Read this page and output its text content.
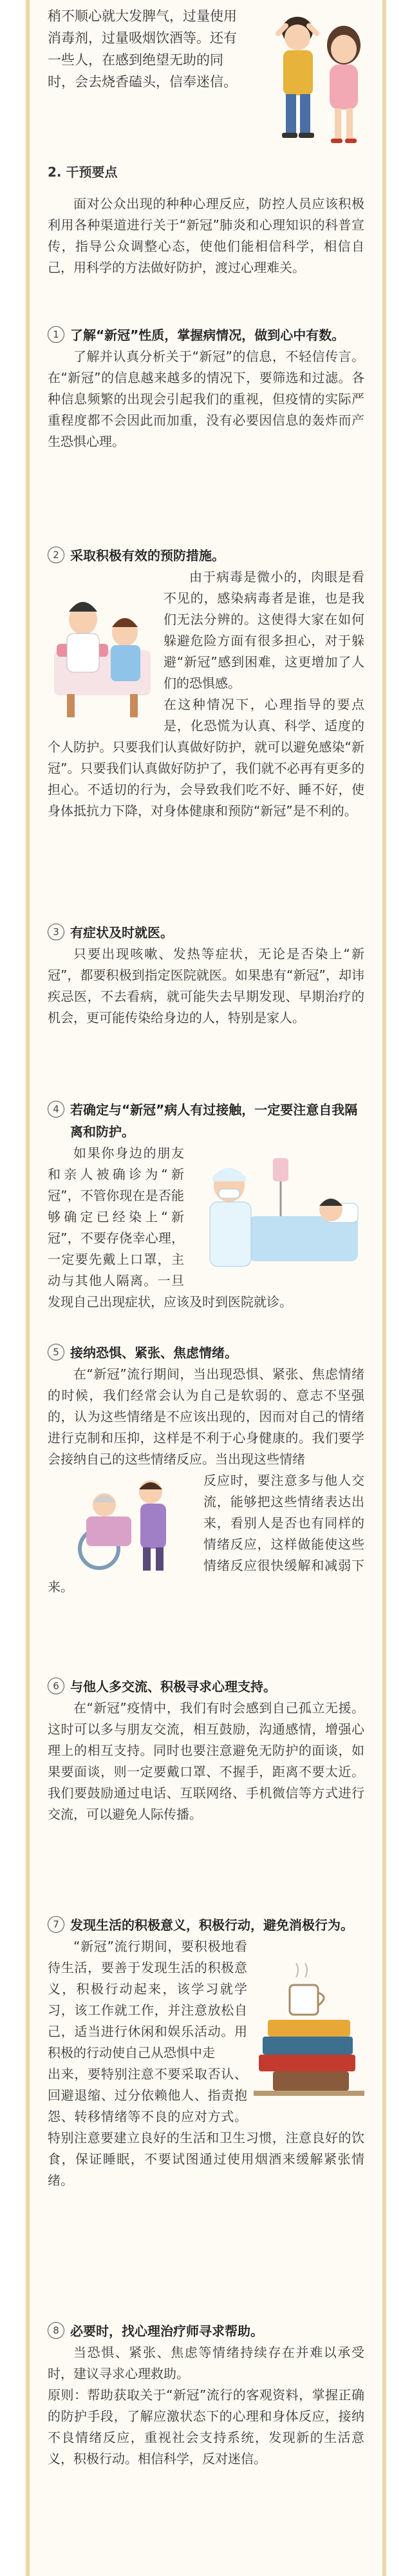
稍不顺心就大发脾气，过量使用消毒剂，过量吸烟饮酒等。还有一些人，在感到绝望无助的同时，会去烧香磕头，信奉迷信。

2. 干预要点

面对公众出现的种种心理反应，防控人员应该积极利用各种渠道进行关于“新冠”肺炎和心理知识的科普宣传，指导公众调整心态，使他们能相信科学，相信自己，用科学的方法做好防护，渡过心理难关。

1 了解“新冠”性质，掌握病情况，做到心中有数。

了解并认真分析关于“新冠”的信息，不轻信传言。在“新冠”的信息越来越多的情况下，要筛选和过滤。各种信息频繁的出现会引起我们的重视，但疫情的实际严重程度都不会因此而加重，没有必要因信息的轰炸而产生恐惧心理。

2 采取积极有效的预防措施。

由于病毒是微小的，肉眼是看不见的，感染病毒者是谁，也是我们无法分辨的。这使得大家在如何躲避危险方面有很多担心，对于躲避“新冠”感到困难，这更增加了人们的恐惧感。

在这种情况下，心理指导的要点是，化恐慌为认真、科学、适度的个人防护。只要我们认真做好防护，就可以避免感染“新冠”。只要我们认真做好防护了，我们就不必再有更多的担心。不适切的行为，会导致我们吃不好、睡不好，使身体抵抗力下降，对身体健康和预防“新冠”是不利的。

3 有症状及时就医。

只要出现咳嗽、发热等症状，无论是否染上“新冠”，都要积极到指定医院就医。如果患有“新冠”，却讳疾忌医，不去看病，就可能失去早期发现、早期治疗的机会，更可能传染给身边的人，特别是家人。

4 若确定与“新冠”病人有过接触，一定要注意自我隔离和防护。

如果你身边的朋友和亲人被确诊为“新冠”，不管你现在是否能够确定已经染上“新冠”，不要存侥幸心理，一定要先戴上口罩，主动与其他人隔离。一旦发现自己出现症状，应该及时到医院就诊。

5 接纳恐惧、紧张、焦虑情绪。

在“新冠”流行期间，当出现恐惧、紧张、焦虑情绪的时候，我们经常会认为自己是软弱的、意志不坚强的，认为这些情绪是不应该出现的，因而对自己的情绪进行克制和压抑，这样是不利于心身健康的。我们要学会接纳自己的这些情绪反应。当出现这些情绪

反应时，要注意多与他人交流，能够把这些情绪表达出来，看别人是否也有同样的情绪反应，这样做能使这些情绪反应很快缓解和减弱下来。

6 与他人多交流、积极寻求心理支持。

在“新冠”疫情中，我们有时会感到自己孤立无援。这时可以多与朋友交流，相互鼓励，沟通感情，增强心理上的相互支持。同时也要注意避免无防护的面谈，如果要面谈，则一定要戴口罩、不握手，距离不要太近。我们要鼓励通过电话、互联网络、手机微信等方式进行交流，可以避免人际传播。

7 发现生活的积极意义，积极行动，避免消极行为。

“新冠”流行期间，要积极地看待生活，要善于发现生活的积极意义，积极行动起来，该学习就学习，该工作就工作，并注意放松自己，适当进行休闲和娱乐活动。用积极的行动使自己从恐惧中走

出来，要特别注意不要采取否认、回避退缩、过分依赖他人、指责抱怨、转移情绪等不良的应对方式。特别注意要建立良好的生活和卫生习惯，注意良好的饮食，保证睡眠，不要试图通过使用烟酒来缓解紧张情绪。

8 必要时，找心理治疗师寻求帮助。

当恐惧、紧张、焦虑等情绪持续存在并难以承受时，建议寻求心理救助。

原则：帮助获取关于“新冠”流行的客观资料，掌握正确的防护手段，了解应激状态下的心理和身体反应，接纳不良情绪反应，重视社会支持系统，发现新的生活意义，积极行动。相信科学，反对迷信。
